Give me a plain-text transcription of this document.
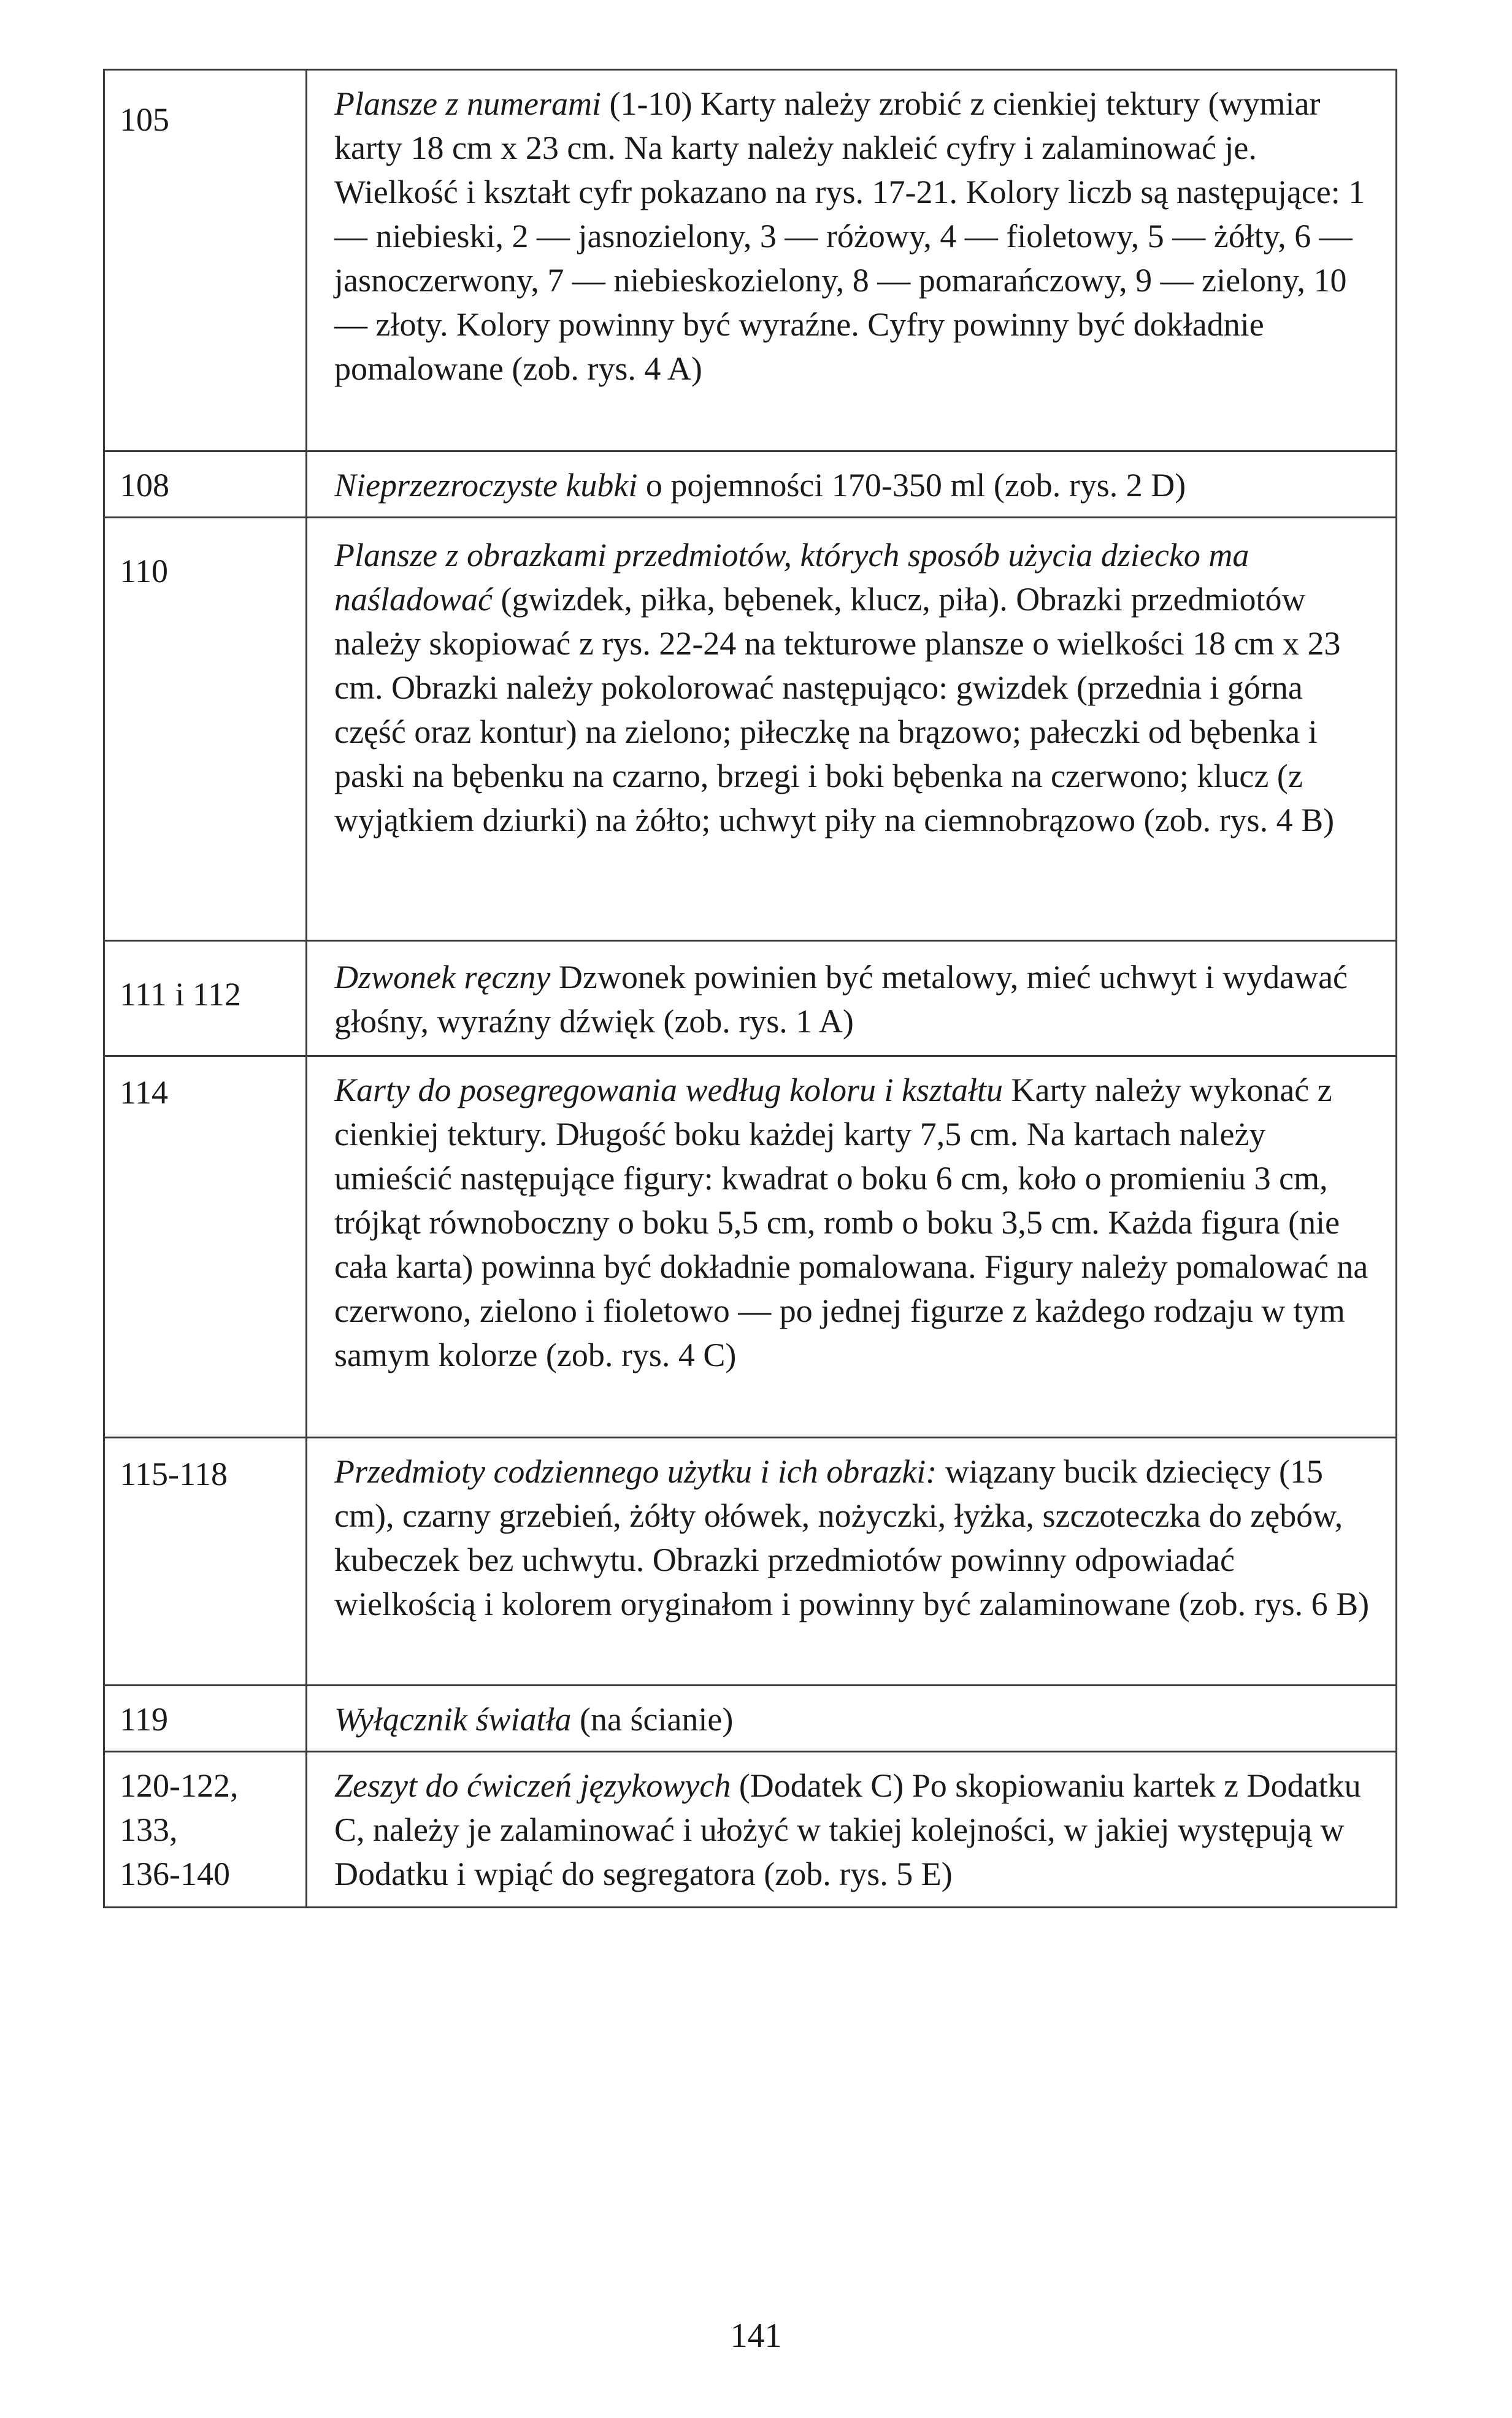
105	Plansze z numerami (1-10) Karty należy zrobić z cienkiej tektury (wymiar karty 18 cm x 23 cm. Na karty należy nakleić cyfry i zalaminować je. Wielkość i kształt cyfr pokazano na rys. 17-21. Kolory liczb są następujące: 1 — niebieski, 2 — jasnozielony, 3 — różowy, 4 — fioletowy, 5 — żółty, 6 — jasnoczerwony, 7 — niebieskozielony, 8 — pomarańczowy, 9 — zielony, 10 — złoty. Kolory powinny być wyraźne. Cyfry powinny być dokładnie pomalowane (zob. rys. 4 A)
108	Nieprzezroczyste kubki o pojemności 170-350 ml (zob. rys. 2 D)
110	Plansze z obrazkami przedmiotów, których sposób użycia dziecko ma naśladować (gwizdek, piłka, bębenek, klucz, piła). Obrazki przedmiotów należy skopiować z rys. 22-24 na tekturowe plansze o wielkości 18 cm x 23 cm. Obrazki należy pokolorować następująco: gwizdek (przednia i górna część oraz kontur) na zielono; piłeczkę na brązowo; pałeczki od bębenka i paski na bębenku na czarno, brzegi i boki bębenka na czerwono; klucz (z wyjątkiem dziurki) na żółto; uchwyt piły na ciemnobrązowo (zob. rys. 4 B)
111 i 112	Dzwonek ręczny Dzwonek powinien być metalowy, mieć uchwyt i wydawać głośny, wyraźny dźwięk (zob. rys. 1 A)
114	Karty do posegregowania według koloru i kształtu Karty należy wykonać z cienkiej tektury. Długość boku każdej karty 7,5 cm. Na kartach należy umieścić następujące figury: kwadrat o boku 6 cm, koło o promieniu 3 cm, trójkąt równoboczny o boku 5,5 cm, romb o boku 3,5 cm. Każda figura (nie cała karta) powinna być dokładnie pomalowana. Figury należy pomalować na czerwono, zielono i fioletowo — po jednej figurze z każdego rodzaju w tym samym kolorze (zob. rys. 4 C)
115-118	Przedmioty codziennego użytku i ich obrazki: wiązany bucik dziecięcy (15 cm), czarny grzebień, żółty ołówek, nożyczki, łyżka, szczoteczka do zębów, kubeczek bez uchwytu. Obrazki przedmiotów powinny odpowiadać wielkością i kolorem oryginałom i powinny być zalaminowane (zob. rys. 6 B)
119	Wyłącznik światła (na ścianie)

120-122,
133,
136-140	Zeszyt do ćwiczeń językowych (Dodatek C) Po skopiowaniu kartek z Dodatku C, należy je zalaminować i ułożyć w takiej kolejności, w jakiej występują w Dodatku i wpiąć do segregatora (zob. rys. 5 E)
141
